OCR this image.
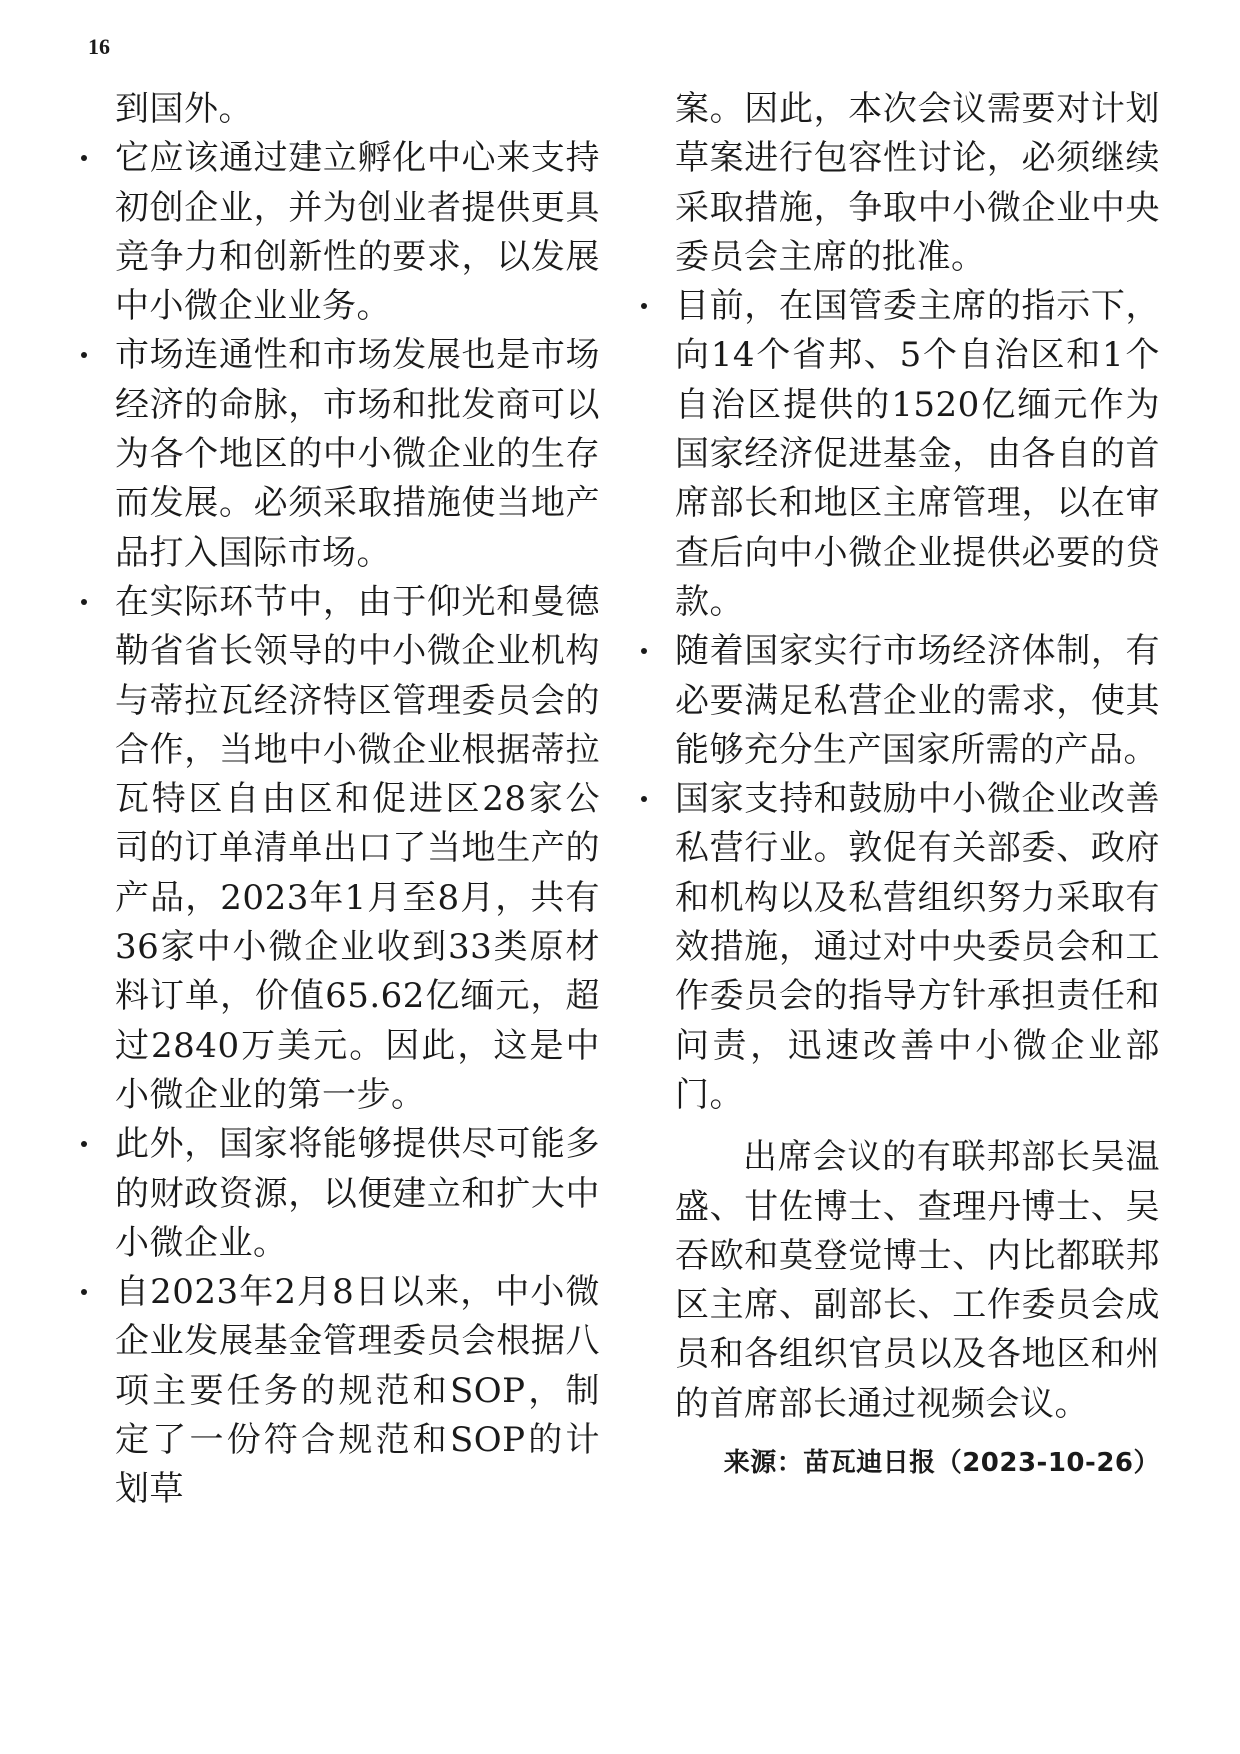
16

到国外。

它应该通过建立孵化中心来支持初创企业，并为创业者提供更具竞争力和创新性的要求，以发展中小微企业业务。

市场连通性和市场发展也是市场经济的命脉，市场和批发商可以为各个地区的中小微企业的生存而发展。必须采取措施使当地产品打入国际市场。

在实际环节中，由于仰光和曼德勒省省长领导的中小微企业机构与蒂拉瓦经济特区管理委员会的合作，当地中小微企业根据蒂拉瓦特区自由区和促进区28家公司的订单清单出口了当地生产的产品，2023年1月至8月，共有36家中小微企业收到33类原材料订单，价值65.62亿缅元，超过2840万美元。因此，这是中小微企业的第一步。

此外，国家将能够提供尽可能多的财政资源，以便建立和扩大中小微企业。

自2023年2月8日以来，中小微企业发展基金管理委员会根据八项主要任务的规范和SOP，制定了一份符合规范和SOP的计划草

案。因此，本次会议需要对计划草案进行包容性讨论，必须继续采取措施，争取中小微企业中央委员会主席的批准。

目前，在国管委主席的指示下，向14个省邦、5个自治区和1个自治区提供的1520亿缅元作为国家经济促进基金，由各自的首席部长和地区主席管理，以在审查后向中小微企业提供必要的贷款。

随着国家实行市场经济体制，有必要满足私营企业的需求，使其能够充分生产国家所需的产品。

国家支持和鼓励中小微企业改善私营行业。敦促有关部委、政府和机构以及私营组织努力采取有效措施，通过对中央委员会和工作委员会的指导方针承担责任和问责，迅速改善中小微企业部门。

出席会议的有联邦部长吴温盛、甘佐博士、查理丹博士、吴吞欧和莫登觉博士、内比都联邦区主席、副部长、工作委员会成员和各组织官员以及各地区和州的首席部长通过视频会议。

来源：苗瓦迪日报（2023-10-26）
